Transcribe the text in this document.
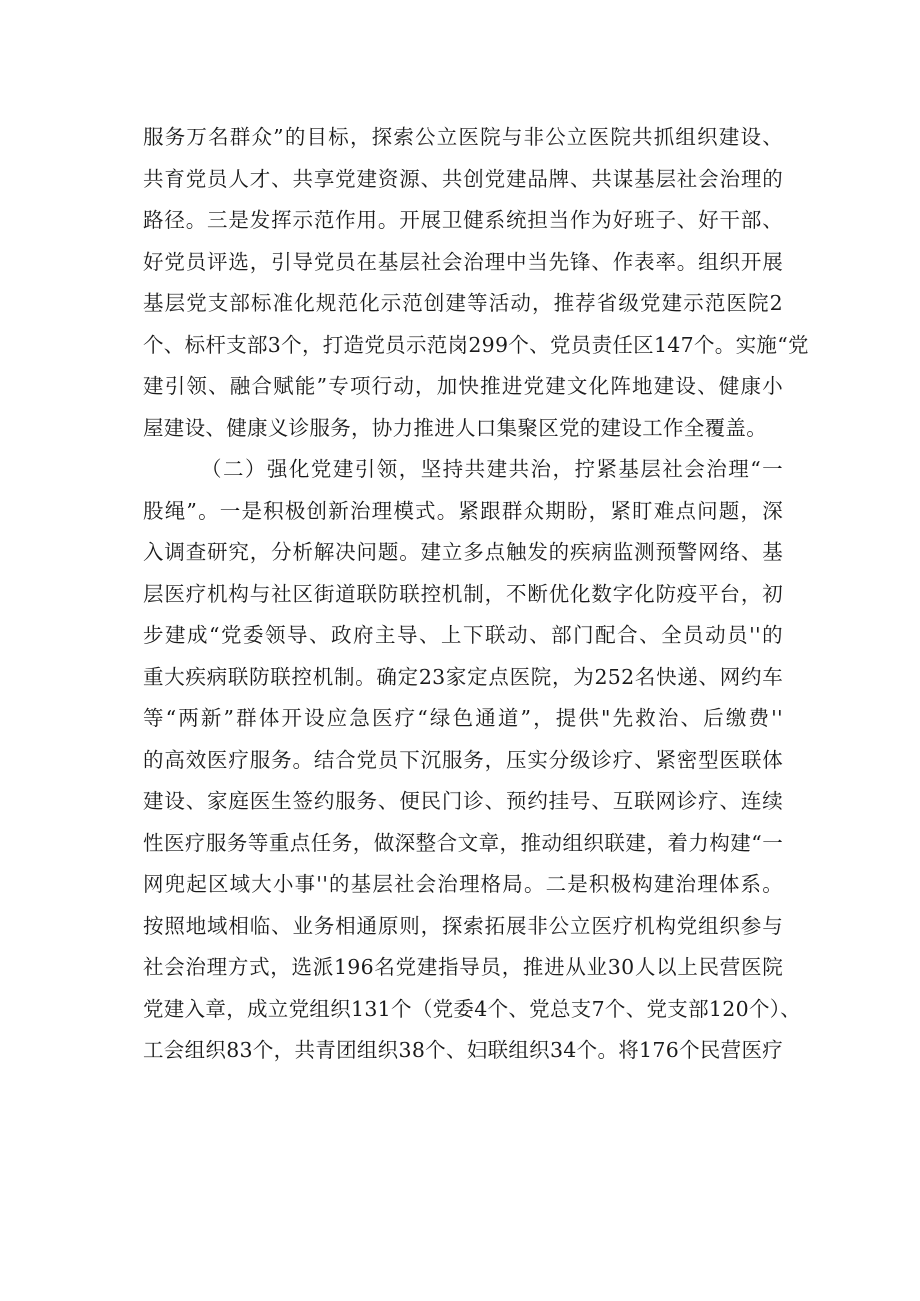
服务万名群众”的目标，探索公立医院与非公立医院共抓组织建设、
共育党员人才、共享党建资源、共创党建品牌、共谋基层社会治理的
路径。三是发挥示范作用。开展卫健系统担当作为好班子、好干部、
好党员评选，引导党员在基层社会治理中当先锋、作表率。组织开展
基层党支部标准化规范化示范创建等活动，推荐省级党建示范医院2
个、标杆支部3个，打造党员示范岗299个、党员责任区147个。实施“党
建引领、融合赋能”专项行动，加快推进党建文化阵地建设、健康小
屋建设、健康义诊服务，协力推进人口集聚区党的建设工作全覆盖。
（二）强化党建引领，坚持共建共治，拧紧基层社会治理“一
股绳”。一是积极创新治理模式。紧跟群众期盼，紧盯难点问题，深
入调查研究，分析解决问题。建立多点触发的疾病监测预警网络、基
层医疗机构与社区街道联防联控机制，不断优化数字化防疫平台，初
步建成“党委领导、政府主导、上下联动、部门配合、全员动员''的
重大疾病联防联控机制。确定23家定点医院，为252名快递、网约车
等“两新”群体开设应急医疗“绿色通道”，提供"先救治、后缴费''
的高效医疗服务。结合党员下沉服务，压实分级诊疗、紧密型医联体
建设、家庭医生签约服务、便民门诊、预约挂号、互联网诊疗、连续
性医疗服务等重点任务，做深整合文章，推动组织联建，着力构建“一
网兜起区域大小事''的基层社会治理格局。二是积极构建治理体系。
按照地域相临、业务相通原则，探索拓展非公立医疗机构党组织参与
社会治理方式，选派196名党建指导员，推进从业30人以上民营医院
党建入章，成立党组织131个（党委4个、党总支7个、党支部120个）、
工会组织83个，共青团组织38个、妇联组织34个。将176个民营医疗
